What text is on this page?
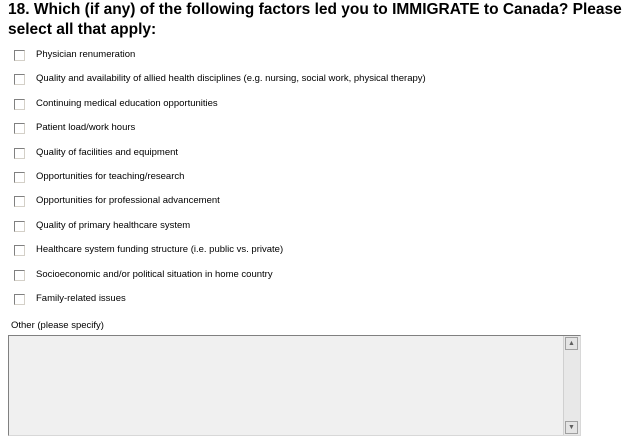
18. Which (if any) of the following factors led you to IMMIGRATE to Canada? Please select all that apply:
Physician renumeration
Quality and availability of allied health disciplines (e.g. nursing, social work, physical therapy)
Continuing medical education opportunities
Patient load/work hours
Quality of facilities and equipment
Opportunities for teaching/research
Opportunities for professional advancement
Quality of primary healthcare system
Healthcare system funding structure (i.e. public vs. private)
Socioeconomic and/or political situation in home country
Family-related issues
Other (please specify)
▲
▼
